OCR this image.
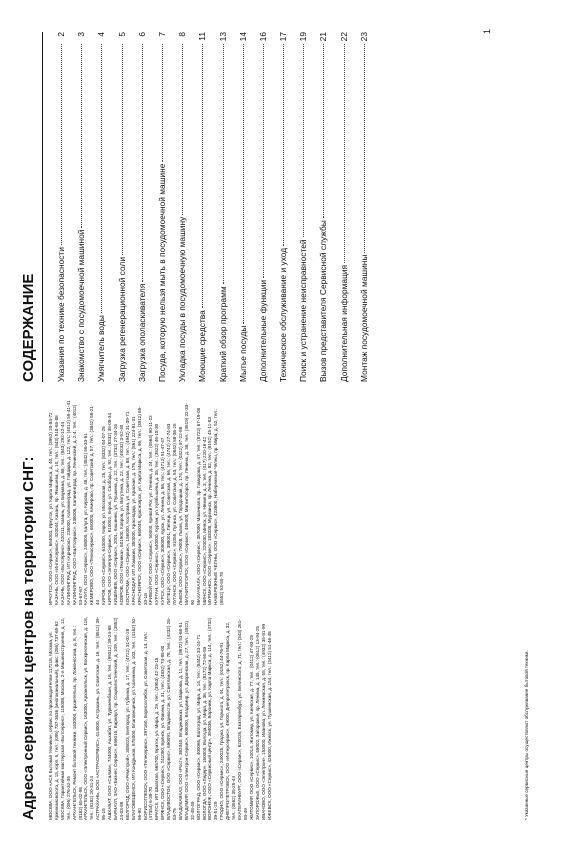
Адреса сервисных центров на территории СНГ: МОСКВА, ООО «АСК Бытовая техника», сервис по производителям 117218, Москва, ул. Кржижановского, д. 15, корп. 5, тел.: (095) 737-3636 (многоканальный), факс: (095) 737-65-62 МОСКВА, Гарантийная мастерская «Бытсервис», 115088, Москва, 2-я Машиностроения, д. 12, тел.: (095) 276-32-35 АРХАНГЕЛЬСК, Ремонт бытовой техники, 163000, Архангельск, пр. Ломоносова, д. 8, тел.: (8182) 65-02-95 АРХАНГЕЛЬСК, ООО «Электронный Сервис», 163000, Архангельск, ул. Воскресенская, д. 116, тел.: (8182) 20-31-24 АСТРАХАНЬ, ООО «АСТРАСЕРВИС», 414000, Астрахань, ул. Советская, д. 16, тел.: (8512) 39-95-16 АШХАБАТ, ООО «Салма», 744000, Ашхабат, ул. Туркменбаши, д. 16, тел.: (99312) 39-24-88 БАРНАУЛ, ЗАО «Бизнес Сервис», 656015, Барнаул, пр. Социалистический, д. 109, тел.: (3852) 24-03-88 БЕЛГОРОД, ООО «Ремстрой», 308023, Белгород, ул. Губкина, д. 17, тел.: (4722) 31-02-28 БЛАГОВЕЩЕНСК, ИП Кондрыков, 675000, Благовещенск, ул. Калинина, д. 103, тел.: (4162) 52-56-90 БОРИСОГЛЕБСК, ООО «Телесервис», 397160, Борисоглебск, ул. Советская, д. 14, тел.: (47354) 6-39-70 БРАТСК, ИП Шматков, 665700, Братск, ул. Мира, д. 29, тел.: (3953) 42-23-15 БРЯНСК, ООО «Сервис», 241050, Брянск, ул. Фокина, д. 31, тел.: (4832) 74-85-00 ВЛАДИВОСТОК, ООО «Сервис», 690091, Владивосток, ул. Светланская, д. 78, тел.: (4232) 26-53-75 ВЛАДИКАВКАЗ, ООО «Рост», 362040, Владикавказ, ул. Маркова, д. 11, тел.: (8672) 53-68-51 ВЛАДИМИР, ООО «Электрон-Сервис», 600000, Владимир, ул. Дворянская, д. 27, тел.: (4922) 32-48-49 ВОЛГОГРАД, ООО «Сервис», 400066, Волгоград, ул. Мира, д. 14, тел.: (8442) 33-24-71 ВОЛОГДА, ООО «Лидер», 160000, Вологда, ул. Мира, д. 36, тел.: (8172) 72-55-89 ВОРОНЕЖ, ООО «Сервисный центр», 394036, Воронеж, ул. Карла Маркса, д. 114, тел.: (4732) 39-51-29 ГРОДНО, ООО «Сервис», 230025, Гродно, ул. Горького, д. 91, тел.: (0152) 44-76-91 ДНЕПРОПЕТРОВСК, ООО «Интерсервис», 49000, Днепропетровск, пр. Карла Маркса, д. 32, тел.: (0562) 35-25-44 ЕКАТЕРИНБУРГ, ООО «Сервис», 620026, Екатеринбург, ул. Белинского, д. 71, тел.: (343) 261-93-49 ЖИТОМИР, ООО «Сервис», 10014, Житомир, ул. Киевская, д. 77, тел.: (0412) 47-93-25 ЗАПОРОЖЬЕ, ООО «Сервис», 69002, Запорожье, пр. Ленина, д. 145, тел.: (0612) 13-94-25 ИВАНОВО, ООО «Электрон», 153000, Иваново, ул. Лежневская, д. 55, тел.: (4932) 35-81-99 ИЖЕВСК, ООО «Сервис», 426000, Ижевск, ул. Пушкинская, д. 154, тел.: (3412) 51-46-48

ИРКУТСК, ООО «Сервис», 664003, Иркутск, ул. Карла Маркса, д. 40, тел.: (3952) 20-84-72 КАЗАНЬ, ООО «Интехсервис», 420044, Казань, пр. Ямашева, д. 10, тел.: (843) 518-65-88 КАЗАНЬ, ООО «Бытсервис», 420111, Казань, ул. Баумана, д. 68, тел.: (843) 292-12-44 КАЛИНИНГРАД, ИП «Арнаков», 236000, Калининград, ул. Гайдара, д. 122, тел.: (4012) 55-41-41 КАЛИНИНГРАД, ООО «Балтсервис», 236006, Калининград, пр. Ленинский, д. 2-4, тел.: (4012) 53-67-67 КАЛУГА, ООО «Сервис», 248000, Калуга, ул. Кирова, д. 48, тел.: (4842) 56-33-61 КЕМЕРОВО, ООО «Техносервис», 650000, Кемерово, пр. Советский, д. 57, тел.: (3842) 58-21-44 КИРОВ, ООО «Сервис», 610000, Киров, ул. Московская, д. 25, тел.: (8332) 64-07-28 КИРОВ, ООО «Электро-Сервис», 610002, Киров, ул. Свободы, д. 92, тел.: (8332) 38-08-34 КИШИНЕВ, ООО «Сервис», 2001, Кишинев, ул. Пушкина, д. 22, тел.: (3732) 27-34-26 КОВРОВ, ООО «Техника», 601900, Ковров, ул. Ватутина, д. 22, тел.: (49232) 3-52-40 КОСТРОМА, ООО «Сервис», 156000, Кострома, ул. Советская, д. 88, тел.: (4942) 31-39-71 КРАСНОДАР, ИП Ломакин, 350000, Краснодар, ул. Красная, д. 176, тел.: (861) 224-81-31 КРАСНОЯРСК, ООО «Сервис», 660049, Красноярск, ул. Карла Маркса, д. 95, тел.: (3912) 65-33-18 КРИВОЙ РОГ, ООО «Сервис», 50000, Кривой Рог, ул. Ленина, д. 24, тел.: (0564) 90-11-22 КУРГАН, ООО «Сервис», 640000, Курган, ул. Куйбышева, д. 35, тел.: (3522) 46-18-30 КУРСК, ООО «Сервис», 305000, Курск, ул. Ленина, д. 86, тел.: (4712) 51-47-47 ЛИПЕЦК, ООО «Сервис», 398001, Липецк, ул. Советская, д. 66, тел.: (4742) 27-74-83 ЛУГАНСК, ООО «Сервис», 91055, Луганск, ул. Советская, д. 53, тел.: (0642) 58-36-25 ЛЬВОВ, ООО «Сервис», 79008, Львов, ул. Городоцкая, д. 174, тел.: (0322) 97-22-88 МАГНИТОГОРСК, ООО «Сервис», 455000, Магнитогорск, пр. Ленина, д. 38, тел.: (3519) 22-33-90 МАХАЧКАЛА, ООО «Сервис», 367000, Махачкала, пр. Гамидова, д. 47, тел.: (8722) 67-19-08 МИНСК, ООО «Сервис», 220030, Минск, ул. Немига, д. 3, тел.: (017) 220-16-42 МУРМАНСК, ООО «Сервис», 183038, Мурманск, пр. Ленина, д. 82, тел.: (8152) 45-11-83 НАБЕРЕЖНЫЕ ЧЕЛНЫ, ООО «Сервис», 423800, Набережные Челны, пр. Мира, д. 52, тел.: (8552) 53-50-78

* Указанные сервисные центры осуществляют обслуживание бытовой техники.
СОДЕРЖАНИЕ Указания по технике безопасности
2
Знакомство с посудомоечной машиной
3
Умягчитель воды
4
Загрузка регенерационной соли
5
Загрузка ополаскивателя
6
Посуда, которую нельзя мыть в посудомоечной машине
7
Укладка посуды в посудомоечную машину
8
Моющие средства
11
Краткий обзор программ
13
Мытье посуды
14
Дополнительные функции
16
Техническое обслуживание и уход
17
Поиск и устранение неисправностей
19
Вызов представителя Сервисной службы
21
Дополнительная информация
22
Монтаж посудомоечной машины
23
1
